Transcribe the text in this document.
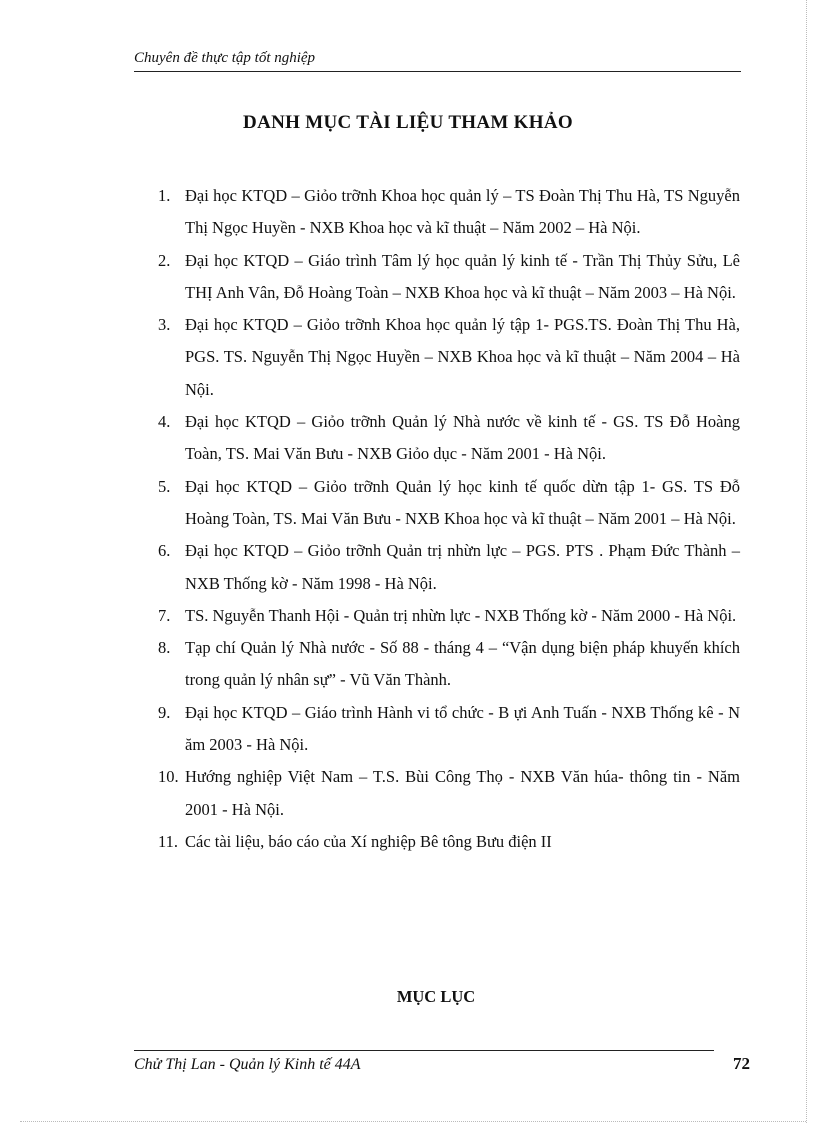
Chuyên đề thực tập tốt nghiệp
DANH MỤC TÀI LIỆU THAM KHẢO
1. Đại học KTQD – Giỏo trỡnh Khoa học quản lý – TS Đoàn Thị Thu Hà, TS Nguyễn Thị Ngọc Huyền - NXB Khoa học và kĩ thuật – Năm 2002 – Hà Nội.
2. Đại học KTQD – Giáo trình Tâm lý học quản lý kinh tế - Trần Thị Thủy Sửu, Lê THỊ Anh Vân, Đỗ Hoàng Toàn – NXB Khoa học và kĩ thuật – Năm 2003 – Hà Nội.
3. Đại học KTQD – Giỏo trỡnh Khoa học quản lý tập 1- PGS.TS. Đoàn Thị Thu Hà, PGS. TS. Nguyễn Thị Ngọc Huyền – NXB Khoa học và kĩ thuật – Năm 2004 – Hà Nội.
4. Đại học KTQD – Giỏo trỡnh Quản lý Nhà nước về kinh tế - GS. TS Đỗ Hoàng Toàn, TS. Mai Văn Bưu - NXB Giỏo dục - Năm 2001 - Hà Nội.
5. Đại học KTQD – Giỏo trỡnh Quản lý học kinh tế quốc dừn tập 1- GS. TS Đỗ Hoàng Toàn, TS. Mai Văn Bưu - NXB Khoa học và kĩ thuật – Năm 2001 – Hà Nội.
6. Đại học KTQD – Giỏo trỡnh Quản trị nhừn lực – PGS. PTS . Phạm Đức Thành – NXB Thống kờ - Năm 1998 - Hà Nội.
7. TS. Nguyễn Thanh Hội - Quản trị nhừn lực - NXB Thống kờ - Năm 2000 - Hà Nội.
8. Tạp chí Quản lý Nhà nước - Số 88 - tháng 4 – “Vận dụng biện pháp khuyến khích trong quản lý nhân sự” - Vũ Văn Thành.
9. Đại học KTQD – Giáo trình Hành vi tổ chức - B ựi Anh Tuấn - NXB Thống kê - N ăm 2003 - Hà Nội.
10. Hướng nghiệp Việt Nam – T.S. Bùi Công Thọ - NXB Văn húa- thông tin - Năm 2001 - Hà Nội.
11. Các tài liệu, báo cáo của Xí nghiệp Bê tông Bưu điện II
MỤC LỤC
Chử Thị Lan - Quản lý Kinh tế 44A	72
